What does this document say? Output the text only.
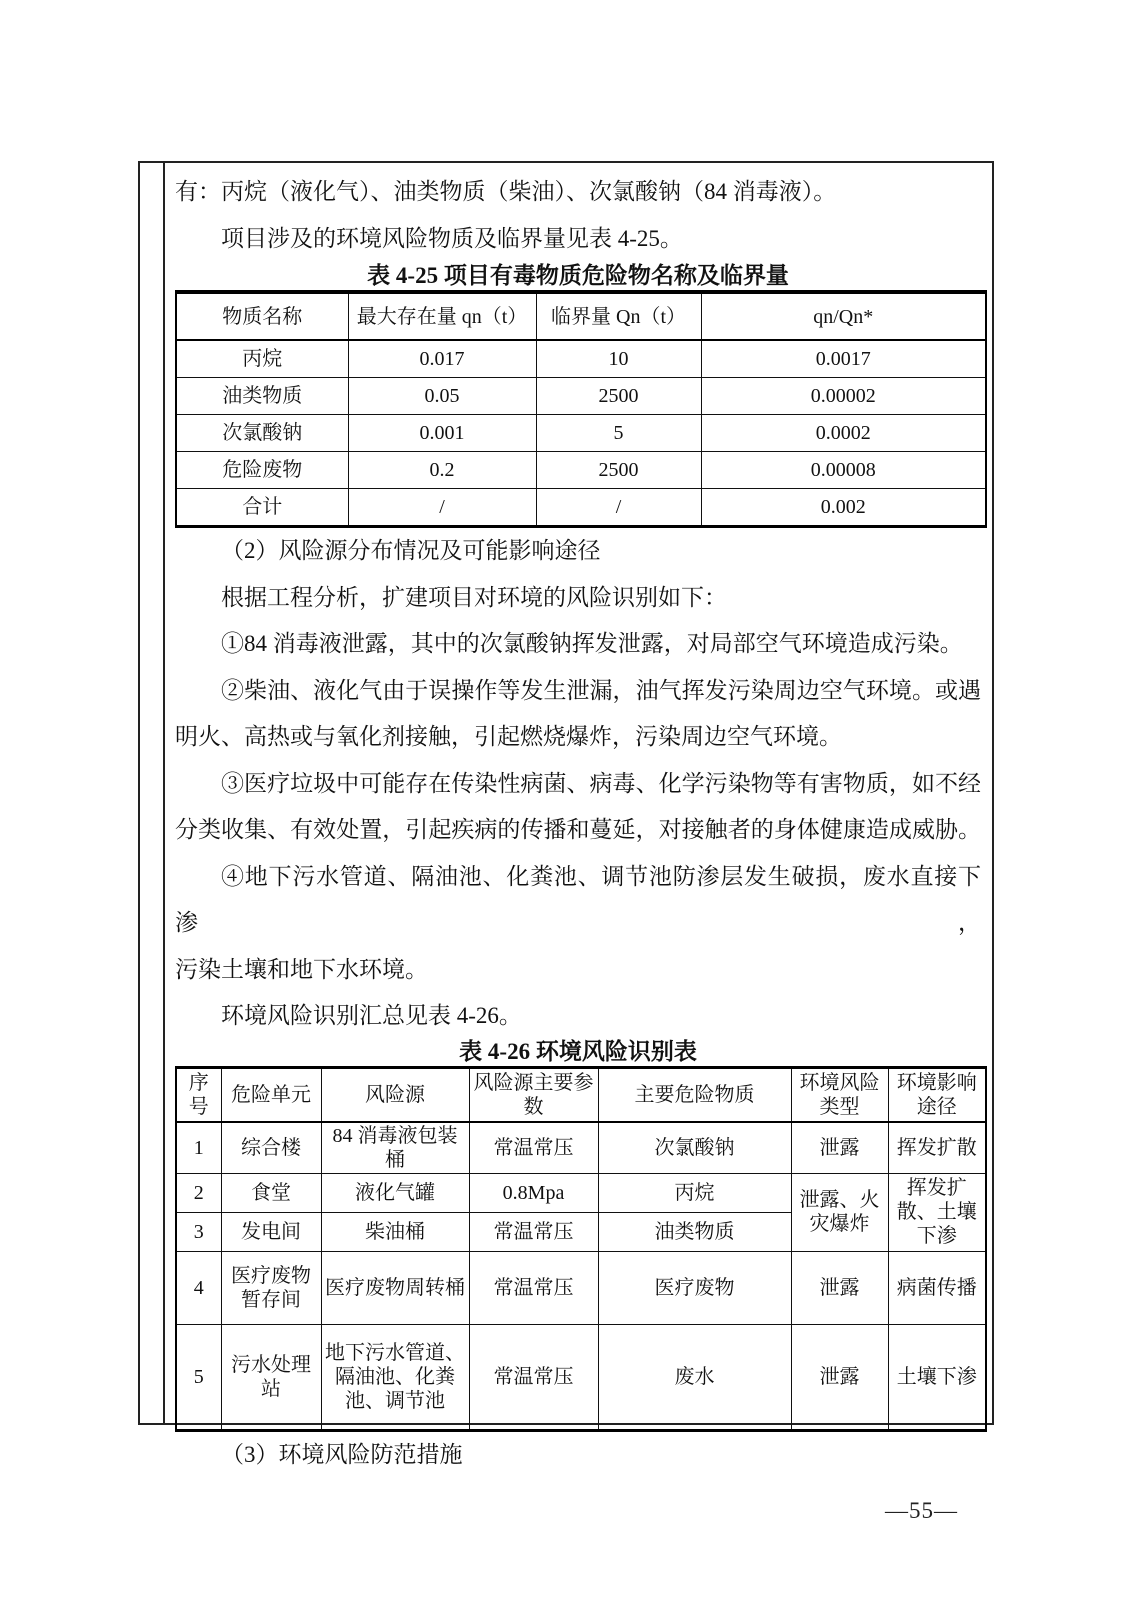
有：丙烷（液化气）、油类物质（柴油）、次氯酸钠（84 消毒液）。
项目涉及的环境风险物质及临界量见表 4-25。
表 4-25 项目有毒物质危险物名称及临界量
物质名称	最大存在量 qn（t）	临界量 Qn（t）	qn/Qn*
丙烷	0.017	10	0.0017
油类物质	0.05	2500	0.00002
次氯酸钠	0.001	5	0.0002
危险废物	0.2	2500	0.00008
合计	/	/	0.002
（2）风险源分布情况及可能影响途径
根据工程分析，扩建项目对环境的风险识别如下：
①84 消毒液泄露，其中的次氯酸钠挥发泄露，对局部空气环境造成污染。
②柴油、液化气由于误操作等发生泄漏，油气挥发污染周边空气环境。或遇
明火、高热或与氧化剂接触，引起燃烧爆炸，污染周边空气环境。
③医疗垃圾中可能存在传染性病菌、病毒、化学污染物等有害物质，如不经
分类收集、有效处置，引起疾病的传播和蔓延，对接触者的身体健康造成威胁。
④地下污水管道、隔油池、化粪池、调节池防渗层发生破损，废水直接下渗，
污染土壤和地下水环境。
环境风险识别汇总见表 4-26。
表 4-26 环境风险识别表
序号	危险单元	风险源	风险源主要参数	主要危险物质	环境风险类型	环境影响途径
1	综合楼	84 消毒液包装桶	常温常压	次氯酸钠	泄露	挥发扩散
2	食堂	液化气罐	0.8Mpa	丙烷	泄露、火灾爆炸	挥发扩散、土壤下渗
3	发电间	柴油桶	常温常压	油类物质		
4	医疗废物暂存间	医疗废物周转桶	常温常压	医疗废物	泄露	病菌传播
5	污水处理站	地下污水管道、隔油池、化粪池、调节池	常温常压	废水	泄露	土壤下渗
（3）环境风险防范措施
—55—
